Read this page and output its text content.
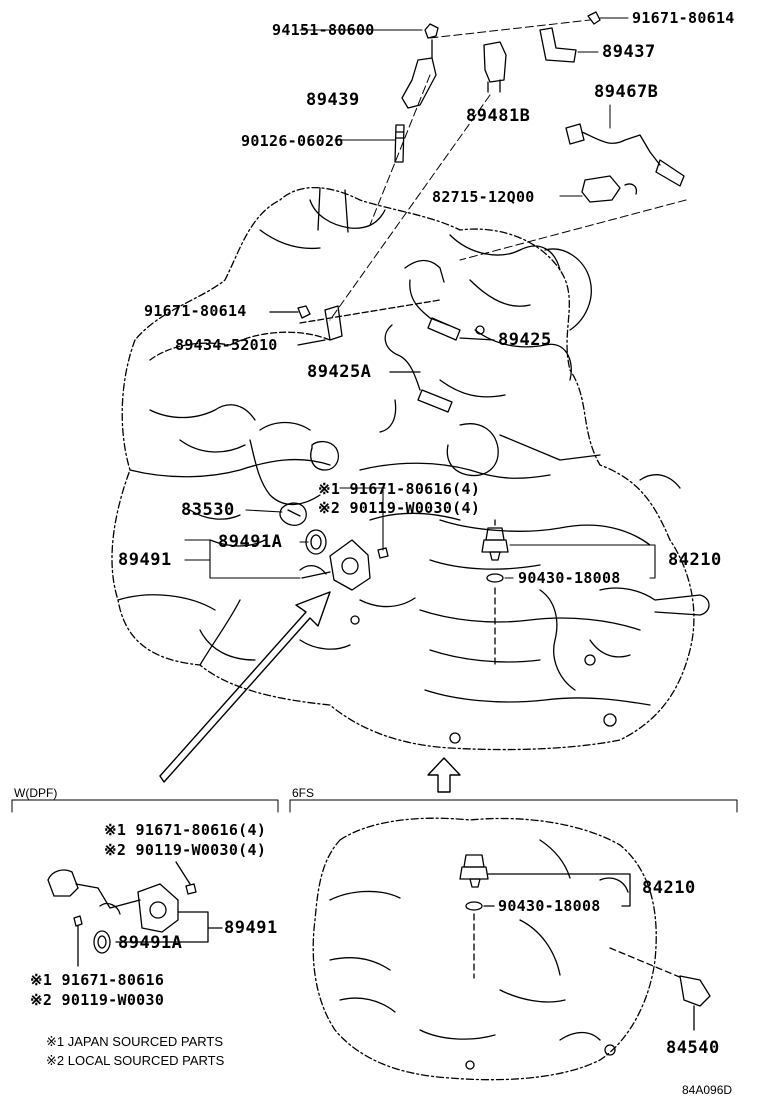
94151-80600
91671-80614
89437
89439
89481B
89467B
90126-06026
82715-12Q00
91671-80614
89434-52010	89425
89425A
※1 91671-80616(4)
※2 90119-W0030(4)
83530
89491A
89491	84210
90430-18008
W(DPF)	6FS
※1 91671-80616(4)
※2 90119-W0030(4)
89491
89491A
※1 91671-80616
※2 90119-W0030
84210
90430-18008
84540
※1 JAPAN SOURCED PARTS
※2 LOCAL SOURCED PARTS
84A096D
